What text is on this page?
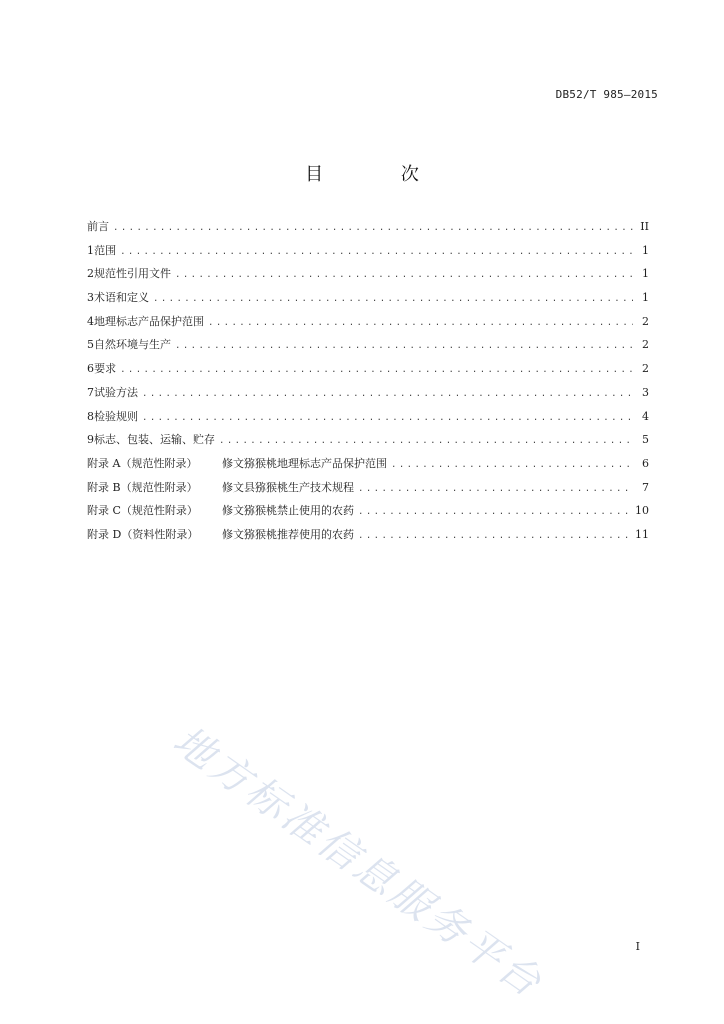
DB52/T 985—2015
目 次
前言 .....	II
1 范围 .....	1
2 规范性引用文件 .....	1
3 术语和定义 .....	1
4 地理标志产品保护范围 .....	2
5 自然环境与生产 .....	2
6 要求 .....	2
7 试验方法 .....	3
8 检验规则 .....	4
9 标志、包装、运输、贮存 .....	5
附录 A（规范性附录）	修文猕猴桃地理标志产品保护范围 .....	6
附录 B（规范性附录）	修文县猕猴桃生产技术规程 .....	7
附录 C（规范性附录）	修文猕猴桃禁止使用的农药 .....	10
附录 D（资料性附录）	修文猕猴桃推荐使用的农药 .....	11
地方标准信息服务平台	I
